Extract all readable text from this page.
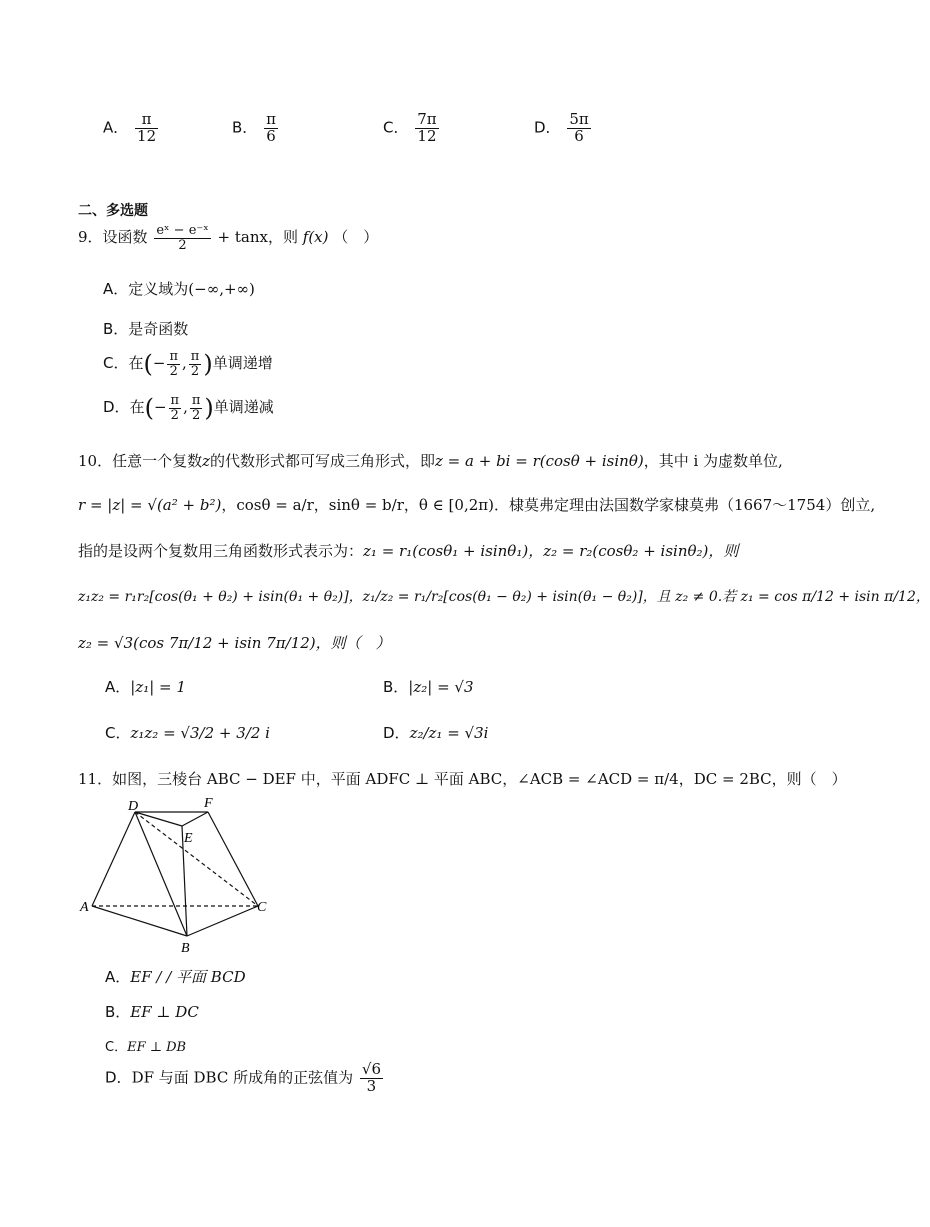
A． $\frac{\pi}{12}$	B． $\frac{\pi}{6}$	C． $\frac{7\pi}{12}$	D． $\frac{5\pi}{6}$
二、多选题
9．设函数 $\frac{\text{eˣ − e⁻ˣ}}{2} + \tan x$，则 f(x) （　）
A．定义域为(−∞,+∞)
B．是奇函数
C．在(− $\frac{\pi}{2}$ , $\frac{\pi}{2}$ )单调递增
D．在(− $\frac{\pi}{2}$ , $\frac{\pi}{2}$ )单调递减
10．任意一个复数z的代数形式都可写成三角形式，即z = a + bi = r(cosθ + isinθ)，其中 i 为虚数单位,
r = |z| = √(a² + b²)，cosθ = a/r，sinθ = b/r，θ ∈ [0,2π)．棣莫弗定理由法国数学家棣莫弗（1667～1754）创立,
指的是设两个复数用三角函数形式表示为：z₁ = r₁(cosθ₁ + isinθ₁)，z₂ = r₂(cosθ₂ + isinθ₂)，则
z₁z₂ = r₁r₂[cos(θ₁ + θ₂) + isin(θ₁ + θ₂)]，z₁/z₂ = r₁/r₂[cos(θ₁ − θ₂) + isin(θ₁ − θ₂)]，且 z₂ ≠ 0.若 z₁ = cos π/12 + isin π/12，
z₂ = √3(cos 7π/12 + isin 7π/12)，则（　）
A．|z₁| = 1	B．|z₂| = √3
C．z₁z₂ = √3/2 + 3/2 i	D．z₂/z₁ = √3i
11．如图，三棱台 ABC − DEF 中，平面 ADFC ⊥ 平面 ABC，∠ACB = ∠ACD = π/4，DC = 2BC，则（　）
D	F
E
A	C
B
A．EF / / 平面 BCD
B．EF ⊥ DC
C．EF ⊥ DB
D．DF 与面 DBC 所成角的正弦值为 $\frac{√6}{3}$
